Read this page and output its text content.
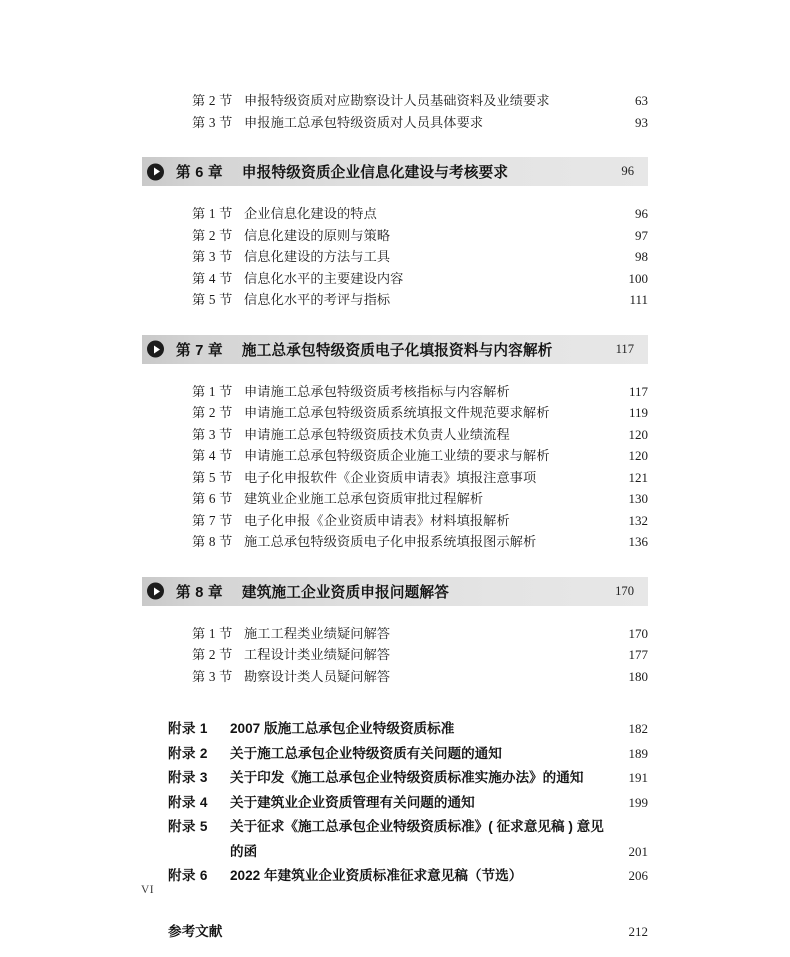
第 2 节 申报特级资质对应勘察设计人员基础资料及业绩要求 .....	63
第 3 节 申报施工总承包特级资质对人员具体要求 .....	93
第 6 章 申报特级资质企业信息化建设与考核要求	96
第 1 节 企业信息化建设的特点 .....	96
第 2 节 信息化建设的原则与策略 .....	97
第 3 节 信息化建设的方法与工具 .....	98
第 4 节 信息化水平的主要建设内容 .....	100
第 5 节 信息化水平的考评与指标 .....	111
第 7 章 施工总承包特级资质电子化填报资料与内容解析	117
第 1 节 申请施工总承包特级资质考核指标与内容解析 .....	117
第 2 节 申请施工总承包特级资质系统填报文件规范要求解析 .....	119
第 3 节 申请施工总承包特级资质技术负责人业绩流程 .....	120
第 4 节 申请施工总承包特级资质企业施工业绩的要求与解析 .....	120
第 5 节 电子化申报软件《企业资质申请表》填报注意事项 .....	121
第 6 节 建筑业企业施工总承包资质审批过程解析 .....	130
第 7 节 电子化申报《企业资质申请表》材料填报解析 .....	132
第 8 节 施工总承包特级资质电子化申报系统填报图示解析 .....	136
第 8 章 建筑施工企业资质申报问题解答	170
第 1 节 施工工程类业绩疑问解答 .....	170
第 2 节 工程设计类业绩疑问解答 .....	177
第 3 节 勘察设计类人员疑问解答 .....	180
附录 1	2007 版施工总承包企业特级资质标准	182
附录 2	关于施工总承包企业特级资质有关问题的通知	189
附录 3	关于印发《施工总承包企业特级资质标准实施办法》的通知	191
附录 4	关于建筑业企业资质管理有关问题的通知	199
附录 5	关于征求《施工总承包企业特级资质标准》( 征求意见稿 ) 意见的函	201
附录 6	2022 年建筑业企业资质标准征求意见稿（节选）	206
参考文献	212
VI
